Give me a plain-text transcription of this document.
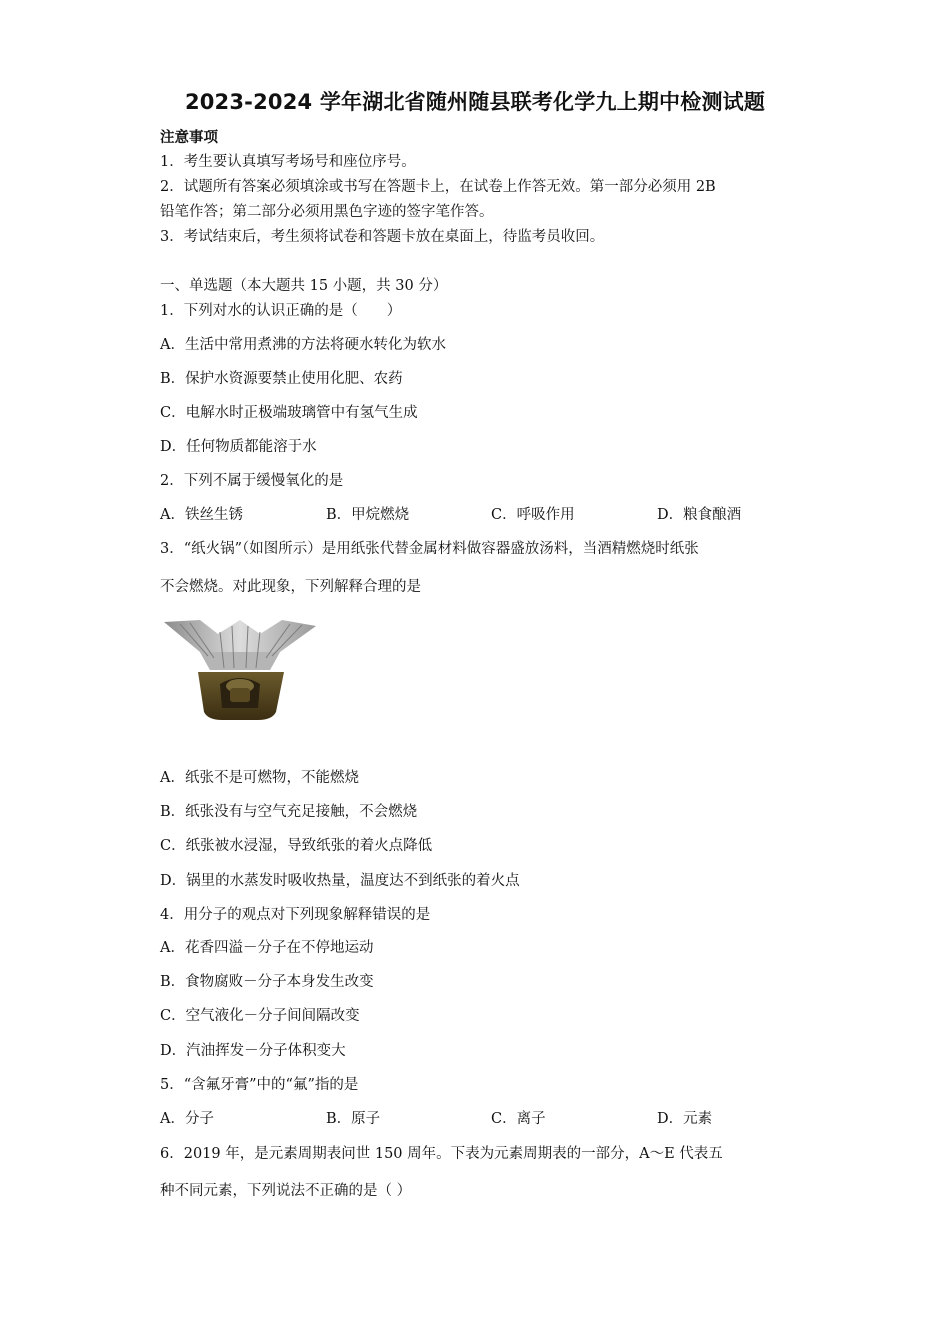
2023-2024 学年湖北省随州随县联考化学九上期中检测试题
注意事项
1．考生要认真填写考场号和座位序号。
2．试题所有答案必须填涂或书写在答题卡上，在试卷上作答无效。第一部分必须用 2B
铅笔作答；第二部分必须用黑色字迹的签字笔作答。
3．考试结束后，考生须将试卷和答题卡放在桌面上，待监考员收回。
一、单选题（本大题共 15 小题，共 30 分）
1．下列对水的认识正确的是（　　）
A．生活中常用煮沸的方法将硬水转化为软水
B．保护水资源要禁止使用化肥、农药
C．电解水时正极端玻璃管中有氢气生成
D．任何物质都能溶于水
2．下列不属于缓慢氧化的是
A．铁丝生锈	B．甲烷燃烧	C．呼吸作用	D．粮食酿酒
3．“纸火锅”（如图所示）是用纸张代替金属材料做容器盛放汤料，当酒精燃烧时纸张
不会燃烧。对此现象，下列解释合理的是
A．纸张不是可燃物，不能燃烧
B．纸张没有与空气充足接触，不会燃烧
C．纸张被水浸湿，导致纸张的着火点降低
D．锅里的水蒸发时吸收热量，温度达不到纸张的着火点
4．用分子的观点对下列现象解释错误的是
A．花香四溢－分子在不停地运动
B．食物腐败－分子本身发生改变
C．空气液化－分子间间隔改变
D．汽油挥发－分子体积变大
5．“含氟牙膏”中的“氟”指的是
A．分子	B．原子	C．离子	D．元素
6．2019 年，是元素周期表问世 150 周年。下表为元素周期表的一部分，A～E 代表五
种不同元素，下列说法不正确的是（ ）
